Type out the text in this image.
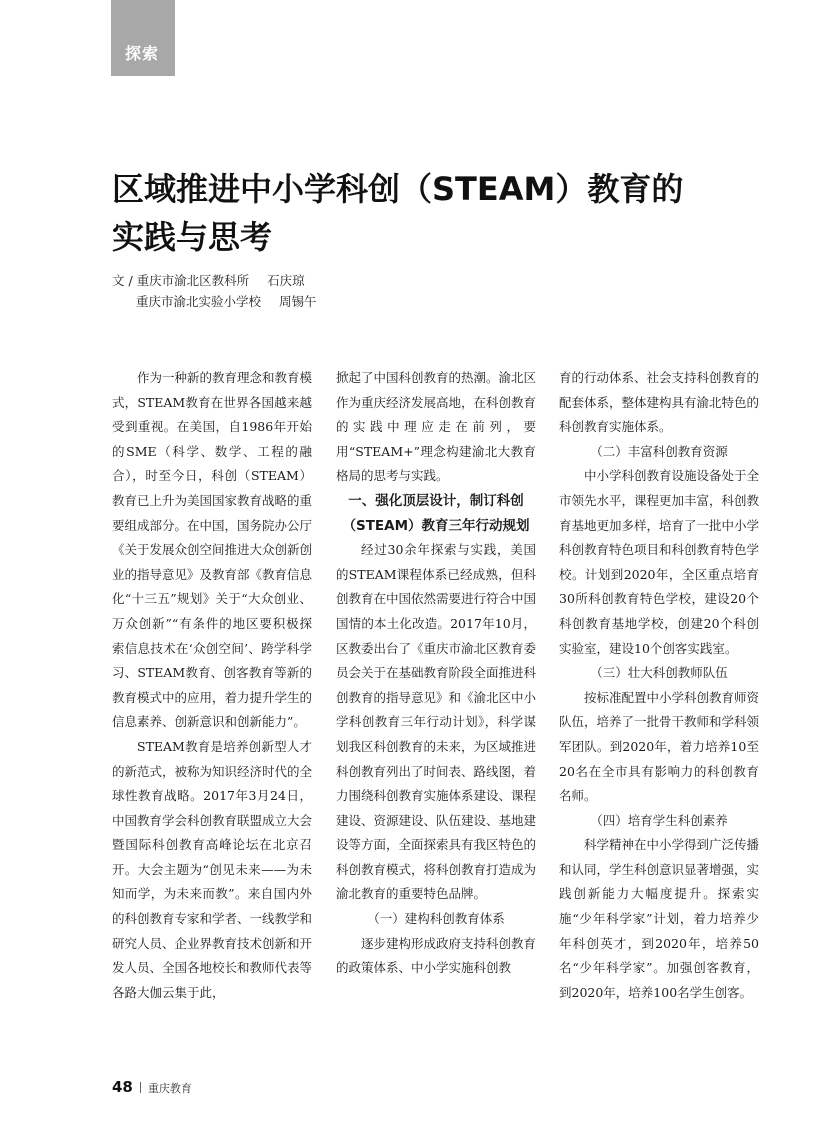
探索
区域推进中小学科创（STEAM）教育的
实践与思考
文 / 重庆市渝北区教科所 石庆琼
重庆市渝北实验小学校 周锡午

作为一种新的教育理念和教育模式，STEAM教育在世界各国越来越受到重视。在美国，自1986年开始的SME（科学、数学、工程的融合），时至今日，科创（STEAM）教育已上升为美国国家教育战略的重要组成部分。在中国，国务院办公厅《关于发展众创空间推进大众创新创业的指导意见》及教育部《教育信息化“十三五”规划》关于“大众创业、万众创新”“有条件的地区要积极探索信息技术在‘众创空间’、跨学科学习、STEAM教育、创客教育等新的教育模式中的应用，着力提升学生的信息素养、创新意识和创新能力”。

STEAM教育是培养创新型人才的新范式，被称为知识经济时代的全球性教育战略。2017年3月24日，中国教育学会科创教育联盟成立大会暨国际科创教育高峰论坛在北京召开。大会主题为“创见未来——为未知而学，为未来而教”。来自国内外的科创教育专家和学者、一线教学和研究人员、企业界教育技术创新和开发人员、全国各地校长和教师代表等各路大伽云集于此，

掀起了中国科创教育的热潮。渝北区作为重庆经济发展高地，在科创教育的实践中理应走在前列，要用“STEAM+”理念构建渝北大教育格局的思考与实践。

一、强化顶层设计，制订科创（STEAM）教育三年行动规划

经过30余年探索与实践，美国的STEAM课程体系已经成熟，但科创教育在中国依然需要进行符合中国国情的本土化改造。2017年10月，区教委出台了《重庆市渝北区教育委员会关于在基础教育阶段全面推进科创教育的指导意见》和《渝北区中小学科创教育三年行动计划》，科学谋划我区科创教育的未来，为区域推进科创教育列出了时间表、路线图，着力围绕科创教育实施体系建设、课程建设、资源建设、队伍建设、基地建设等方面，全面探索具有我区特色的科创教育模式，将科创教育打造成为渝北教育的重要特色品牌。

（一）建构科创教育体系

逐步建构形成政府支持科创教育的政策体系、中小学实施科创教

育的行动体系、社会支持科创教育的配套体系，整体建构具有渝北特色的科创教育实施体系。

（二）丰富科创教育资源

中小学科创教育设施设备处于全市领先水平，课程更加丰富，科创教育基地更加多样，培育了一批中小学科创教育特色项目和科创教育特色学校。计划到2020年，全区重点培育30所科创教育特色学校，建设20个科创教育基地学校，创建20个科创实验室，建设10个创客实践室。

（三）壮大科创教师队伍

按标准配置中小学科创教育师资队伍，培养了一批骨干教师和学科领军团队。到2020年，着力培养10至20名在全市具有影响力的科创教育名师。

（四）培育学生科创素养

科学精神在中小学得到广泛传播和认同，学生科创意识显著增强，实践创新能力大幅度提升。探索实施“少年科学家”计划，着力培养少年科创英才，到2020年，培养50名“少年科学家”。加强创客教育，到2020年，培养100名学生创客。

48 重庆教育
